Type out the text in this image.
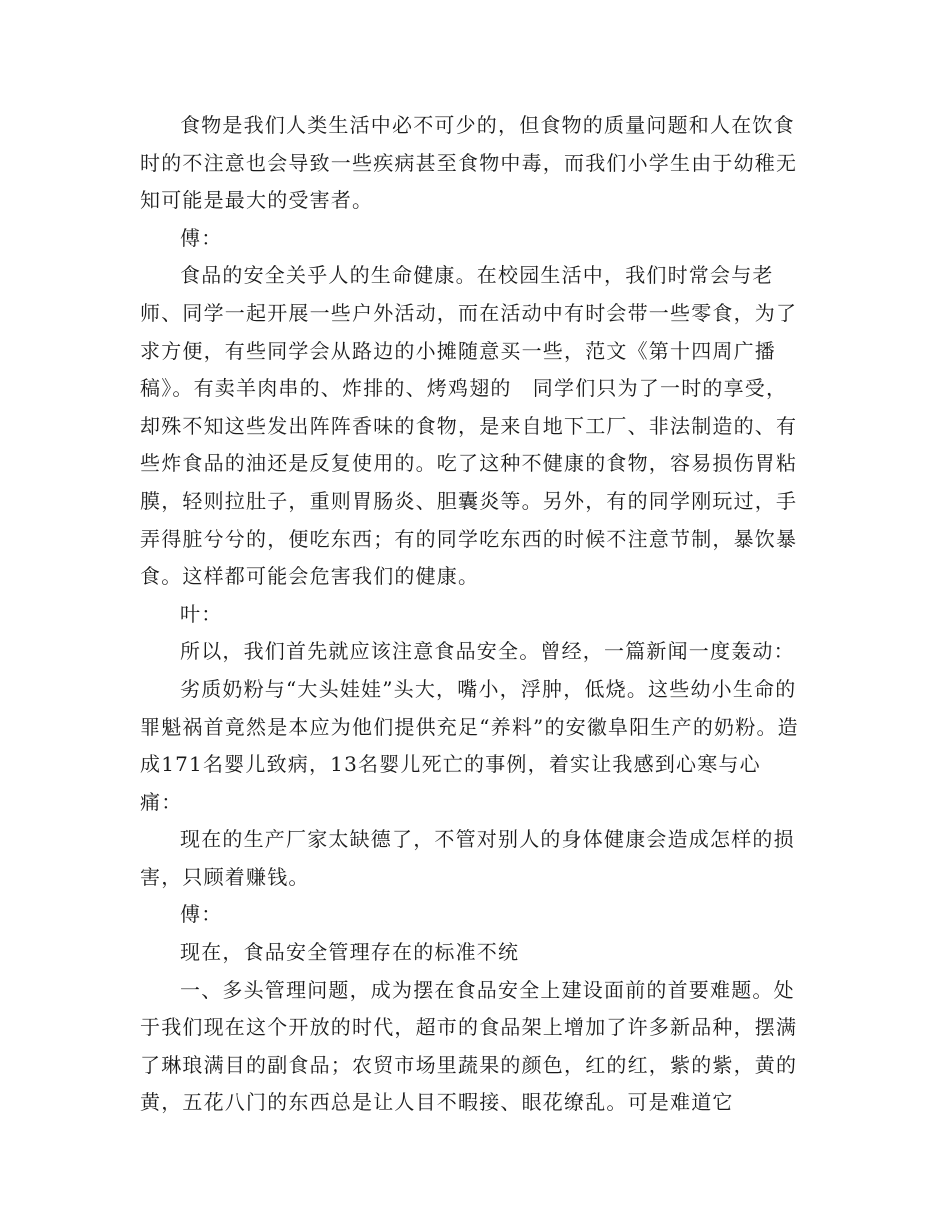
食物是我们人类生活中必不可少的，但食物的质量问题和人在饮食时的不注意也会导致一些疾病甚至食物中毒，而我们小学生由于幼稚无知可能是最大的受害者。

傅：

食品的安全关乎人的生命健康。在校园生活中，我们时常会与老师、同学一起开展一些户外活动，而在活动中有时会带一些零食，为了求方便，有些同学会从路边的小摊随意买一些，范文《第十四周广播稿》。有卖羊肉串的、炸排的、烤鸡翅的　同学们只为了一时的享受，却殊不知这些发出阵阵香味的食物，是来自地下工厂、非法制造的、有些炸食品的油还是反复使用的。吃了这种不健康的食物，容易损伤胃粘膜，轻则拉肚子，重则胃肠炎、胆囊炎等。另外，有的同学刚玩过，手弄得脏兮兮的，便吃东西；有的同学吃东西的时候不注意节制，暴饮暴食。这样都可能会危害我们的健康。

叶：

所以，我们首先就应该注意食品安全。曾经，一篇新闻一度轰动：

劣质奶粉与“大头娃娃”头大，嘴小，浮肿，低烧。这些幼小生命的罪魁祸首竟然是本应为他们提供充足“养料”的安徽阜阳生产的奶粉。造成171名婴儿致病，13名婴儿死亡的事例，着实让我感到心寒与心痛：

现在的生产厂家太缺德了，不管对别人的身体健康会造成怎样的损害，只顾着赚钱。

傅：

现在，食品安全管理存在的标准不统

一、多头管理问题，成为摆在食品安全上建设面前的首要难题。处于我们现在这个开放的时代，超市的食品架上增加了许多新品种，摆满了琳琅满目的副食品；农贸市场里蔬果的颜色，红的红，紫的紫，黄的黄，五花八门的东西总是让人目不暇接、眼花缭乱。可是难道它
